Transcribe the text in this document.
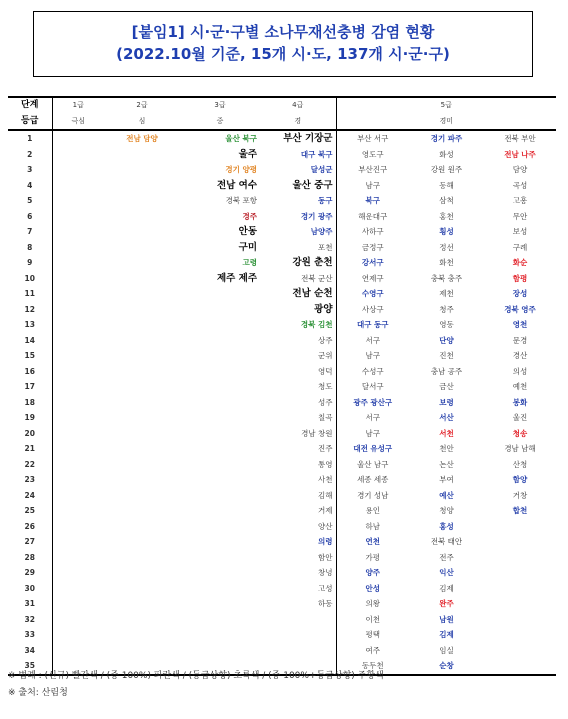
[붙임1] 시·군·구별 소나무재선충병 감염 현황
(2022.10월 기준, 15개 시·도, 137개 시·군·구)
단계	1급	2급	3급	4급	5급		
등급	극심	심	중	경	경미		
1		전남 담양	울산 북구	부산 기장군	부산 서구	경기 파주	전북 부안
2			울주	대구 북구	영도구	화성	전남 나주
3			경기 양평	달성군	부산진구	강원 원주	담양
4			전남 여수	울산 중구	남구	동해	곡성
5			경북 포항	동구	북구	삼척	고흥
6			경주	경기 광주	해운대구	홍천	무안
7			안동	남양주	사하구	횡성	보성
8			구미	포천	금정구	정선	구례
9			고령	강원 춘천	강서구	화천	화순
10			제주 제주	전북 군산	연제구	충북 충주	함평
11				전남 순천	수영구	제천	장성
12				광양	사상구	청주	경북 영주
13				경북 김천	대구 동구	영동	영천
14				상주	서구	단양	문경
15				군위	남구	진천	경산
16				영덕	수성구	충남 공주	의성
17				청도	달서구	금산	예천
18				성주	광주 광산구	보령	봉화
19				칠곡	서구	서산	울진
20				경남 창원	남구	서천	청송
21				진주	대전 유성구	천안	경남 남해
22				통영	울산 남구	논산	산청
23				사천	세종 세종	부여	함양
24				김해	경기 성남	예산	거창
25				거제	용인	청양	합천
26				양산	하남	홍성	
27				의령	연천	전북 태안	
28				함안	가평	전주	
29				창녕	양주	익산	
30				고성	안성	김제	
31				하동	의왕	완주	
32					이천	남원	
33					평택	김제	
34					여주	임실	
35					동두천	순창	
※ 범례 : (신규) 빨간색 / (증 100%) 파란색 / (등급상향) 초록색 / (증 100%+등급상향) 주황색
※ 출처: 산림청
